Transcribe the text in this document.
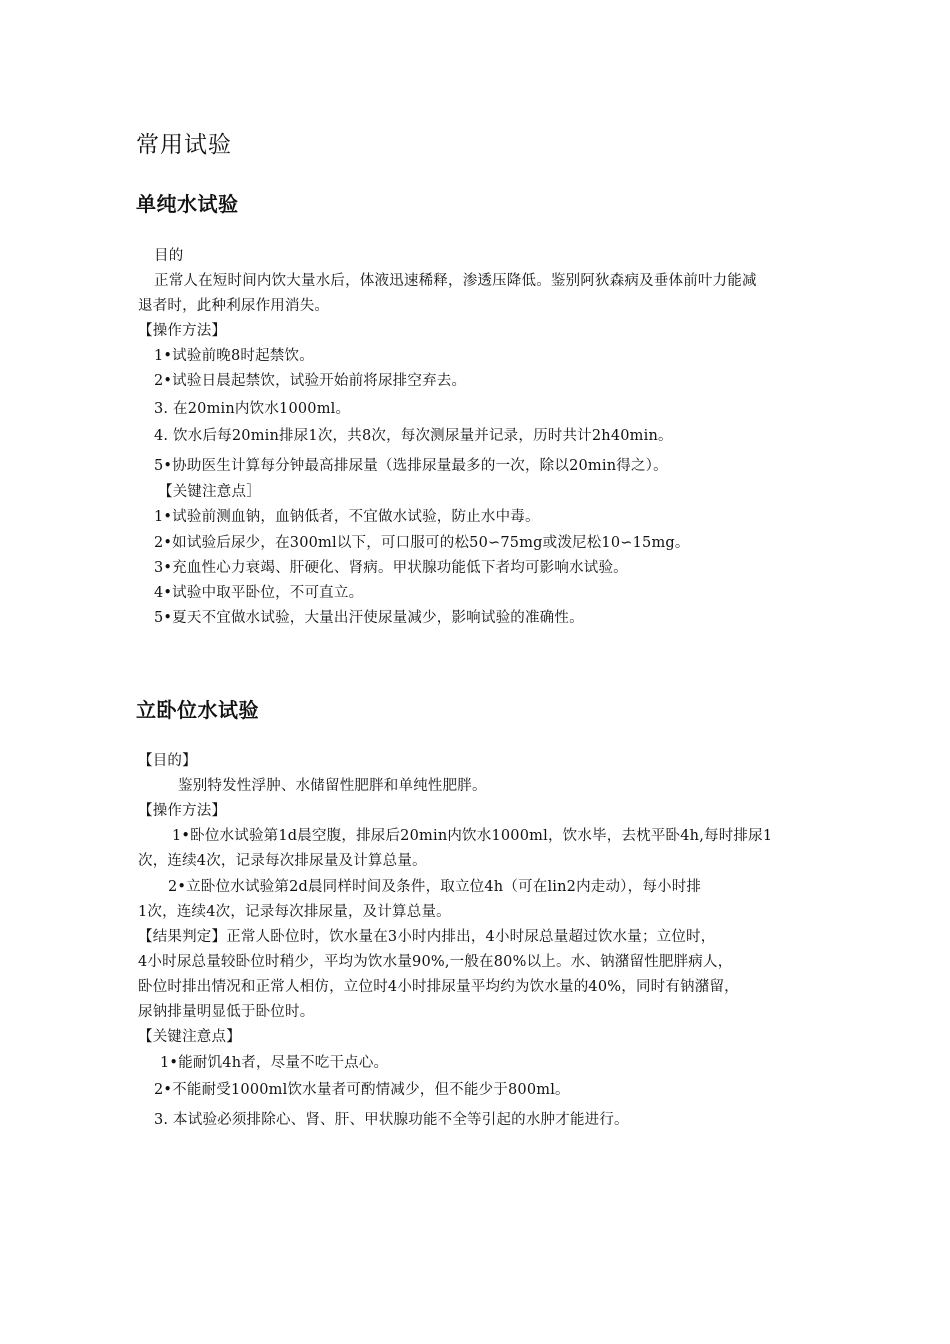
常用试验
单纯水试验
目的
正常人在短时间内饮大量水后，体液迅速稀释，渗透压降低。鉴别阿狄森病及垂体前叶力能减
退者时，此种利尿作用消失。
【操作方法】
1•试验前晚8时起禁饮。
2•试验日晨起禁饮，试验开始前将尿排空弃去。
3. 在20min内饮水1000ml。
4. 饮水后每20min排尿1次，共8次，每次测尿量并记录，历时共计2h40min。
5•协助医生计算每分钟最高排尿量（选排尿量最多的一次，除以20min得之）。
【关键注意点］
1•试验前测血钠，血钠低者，不宜做水试验，防止水中毒。
2•如试验后尿少，在300ml以下，可口服可的松50∽75mg或泼尼松10∽15mg。
3•充血性心力衰竭、肝硬化、肾病。甲状腺功能低下者均可影响水试验。
4•试验中取平卧位，不可直立。
5•夏天不宜做水试验，大量出汗使尿量减少，影响试验的准确性。
立卧位水试验
【目的】
鉴别特发性浮肿、水储留性肥胖和单纯性肥胖。
【操作方法】
1•卧位水试验第1d晨空腹，排尿后20min内饮水1000ml，饮水毕，去枕平卧4h,每时排尿1
次，连续4次，记录每次排尿量及计算总量。
2•立卧位水试验第2d晨同样时间及条件，取立位4h（可在lin2内走动），每小时排
1次，连续4次，记录每次排尿量，及计算总量。
【结果判定】正常人卧位时，饮水量在3小时内排出，4小时尿总量超过饮水量；立位时，
4小时尿总量较卧位时稍少，平均为饮水量90%,一般在80%以上。水、钠潴留性肥胖病人，
卧位时排出情况和正常人相仿，立位时4小时排尿量平均约为饮水量的40%，同时有钠潴留，
尿钠排量明显低于卧位时。
【关键注意点】
1•能耐饥4h者，尽量不吃干点心。
2•不能耐受1000ml饮水量者可酌情减少，但不能少于800ml。
3. 本试验必须排除心、肾、肝、甲状腺功能不全等引起的水肿才能进行。
